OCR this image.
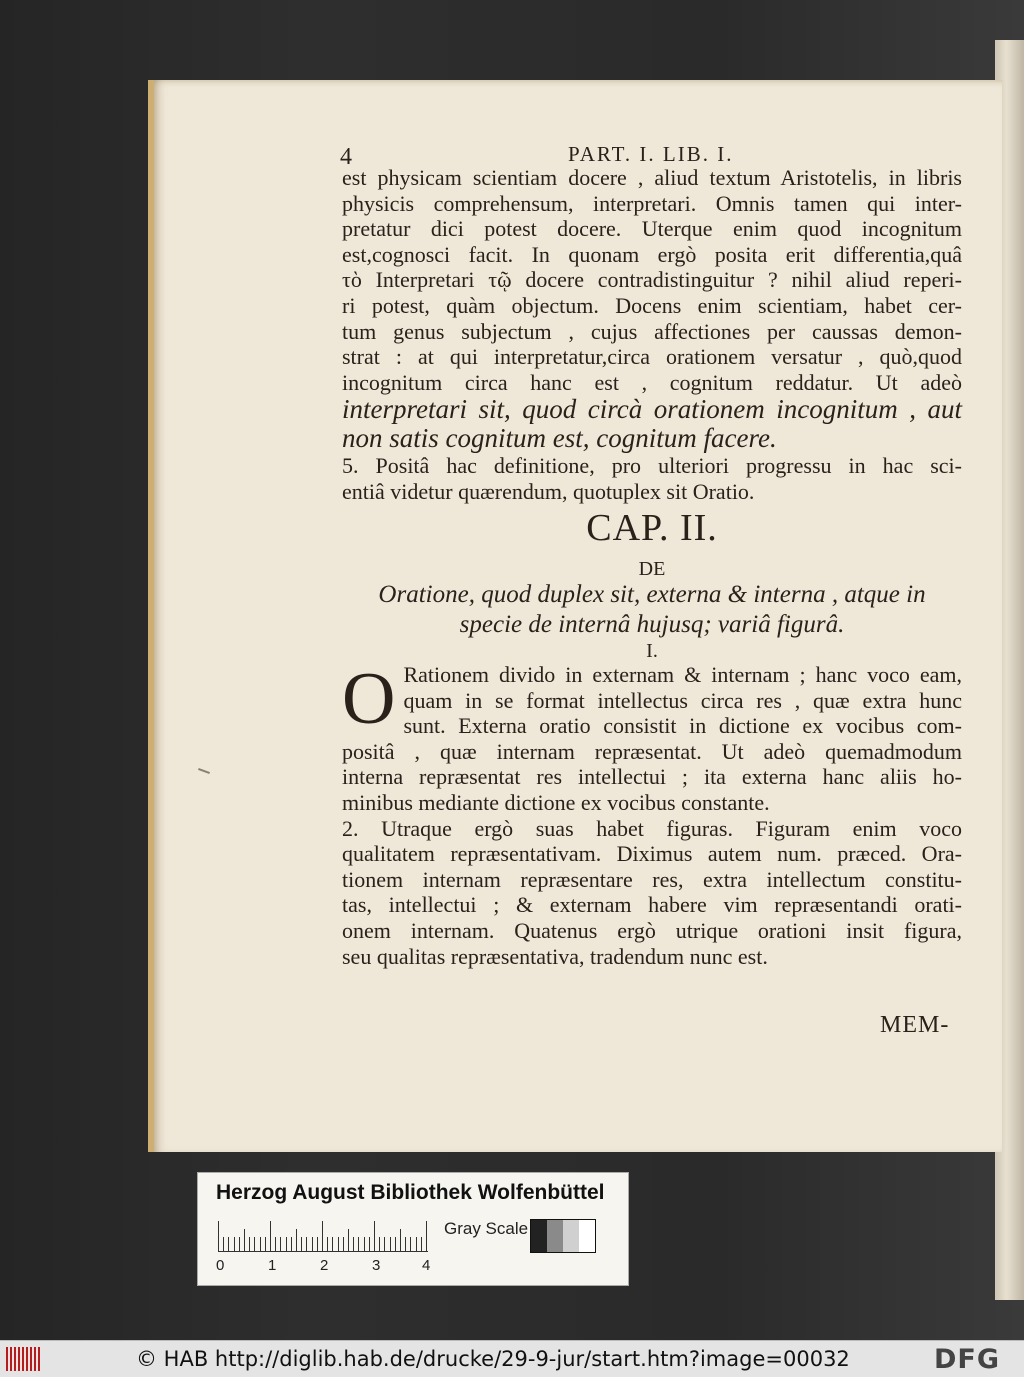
4	PART. I. LIB. I.

est physicam scientiam docere , aliud textum Aristotelis, in libris

physicis comprehensum, interpretari. Omnis tamen qui inter-

pretatur dici potest docere. Uterque enim quod incognitum

est,cognosci facit. In quonam ergò posita erit differentia,quâ

τὸ Interpretari τῷ docere contradistinguitur ? nihil aliud reperi-

ri potest, quàm objectum. Docens enim scientiam, habet cer-

tum genus subjectum , cujus affectiones per caussas demon-

strat : at qui interpretatur,circa orationem versatur , quò,quod

incognitum circa hanc est , cognitum reddatur. Ut adeò

interpretari sit, quod circà orationem incognitum , aut

non satis cognitum est, cognitum facere.

5. Positâ hac definitione, pro ulteriori progressu in hac sci-

entiâ videtur quærendum, quotuplex sit Oratio.

CAP. II.
DE
Oratione, quod duplex sit, externa & interna , atque in
specie de internâ hujusq; variâ figurâ.
I.
O Rationem divido in externam & internam ; hanc voco eam,

quam in se format intellectus circa res , quæ extra hunc

sunt. Externa oratio consistit in dictione ex vocibus com-

positâ , quæ internam repræsentat. Ut adeò quemadmodum

interna repræsentat res intellectui ; ita externa hanc aliis ho-

minibus mediante dictione ex vocibus constante.

2. Utraque ergò suas habet figuras. Figuram enim voco

qualitatem repræsentativam. Diximus autem num. præced. Ora-

tionem internam repræsentare res, extra intellectum constitu-

tas, intellectui ; & externam habere vim repræsentandi orati-

onem internam. Quatenus ergò utrique orationi insit figura,

seu qualitas repræsentativa, tradendum nunc est.

MEM-
Herzog August Bibliothek Wolfenbüttel
0	1	2	3	4
Gray Scale
© HAB http://diglib.hab.de/drucke/29-9-jur/start.htm?image=00032	DFG
